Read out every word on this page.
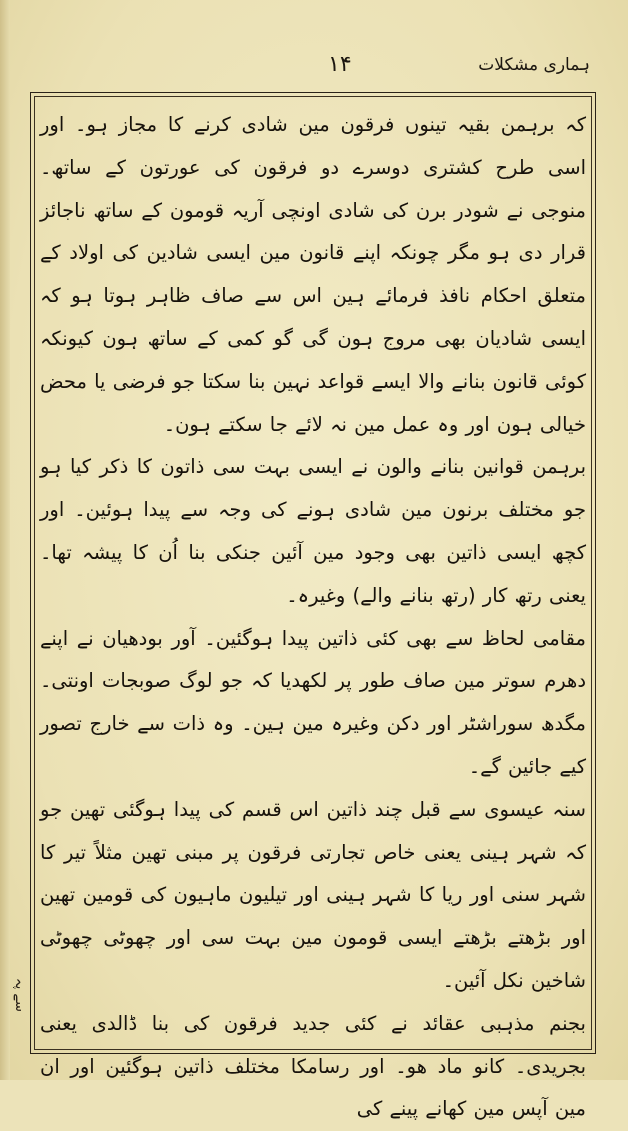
۱۴	ہماری مشکلات

کہ برہمن بقیہ تینوں فرقون مین شادی کرنے کا مجاز ہو۔ اور اسی طرح کشتری دوسرے دو فرقون کی عورتون کے ساتھ۔ منوجی نے شودر برن کی شادی اونچی آریہ قومون کے ساتھ ناجائز قرار دی ہو مگر چونکہ اپنے قانون مین ایسی شادین کی اولاد کے متعلق احکام نافذ فرمائے ہین اس سے صاف ظاہر ہوتا ہو کہ ایسی شادیان بھی مروج ہون گی گو کمی کے ساتھ ہون کیونکہ کوئی قانون بنانے والا ایسے قواعد نہین بنا سکتا جو فرضی یا محض خیالی ہون اور وہ عمل مین نہ لائے جا سکتے ہون۔

برہمن قوانین بنانے والون نے ایسی بہت سی ذاتون کا ذکر کیا ہو جو مختلف برنون مین شادی ہونے کی وجہ سے پیدا ہوئین۔ اور کچھ ایسی ذاتین بھی وجود مین آئین جنکی بنا اُن کا پیشہ تھا۔ یعنی رتھ کار (رتھ بنانے والے) وغیرہ۔

مقامی لحاظ سے بھی کئی ذاتین پیدا ہوگئین۔ آور بودھیان نے اپنے دھرم سوتر مین صاف طور پر لکھدیا کہ جو لوگ صوبجات اونتی۔ مگدھ سوراشٹر اور دکن وغیرہ مین ہین۔ وہ ذات سے خارج تصور کیے جائین گے۔

سنہ عیسوی سے قبل چند ذاتین اس قسم کی پیدا ہوگئی تھین جو کہ شہر ہینی یعنی خاص تجارتی فرقون پر مبنی تھین مثلاً تیر کا شہر سنی اور ریا کا شہر ہینی اور تیلیون ماہیون کی قومین تھین اور بڑھتے بڑھتے ایسی قومون مین بہت سی اور چھوٹی چھوٹی شاخین نکل آئین۔

بجنم مذہبی عقائد نے کئی جدید فرقون کی بنا ڈالدی یعنی بجریدی۔ کانو ماد ھو۔ اور رسامکا مختلف ذاتین ہوگئین اور ان مین آپس مین کھانے پینے کی

سے پہ
